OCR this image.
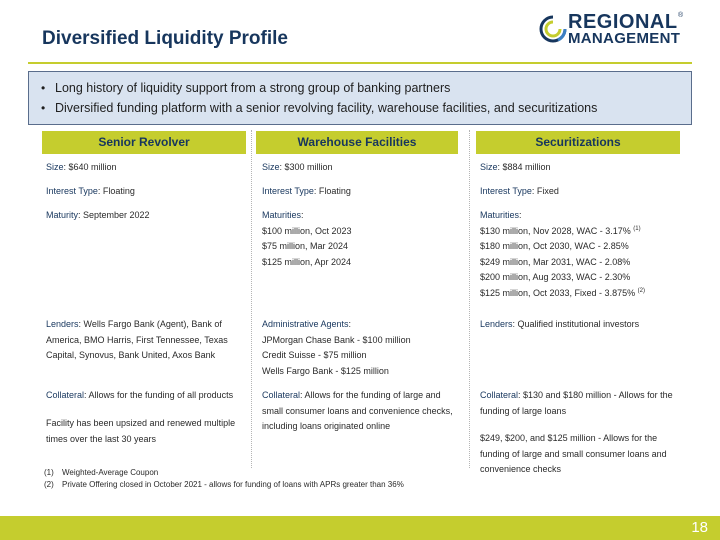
Diversified Liquidity Profile
REGIONAL
MANAGEMENT
®
• Long history of liquidity support from a strong group of banking partners
• Diversified funding platform with a senior revolving facility, warehouse facilities, and securitizations
Senior Revolver	Warehouse Facilities	Securitizations
Size: $640 million
Interest Type: Floating
Maturity: September 2022
Lenders: Wells Fargo Bank (Agent), Bank of America, BMO Harris, First Tennessee, Texas Capital, Synovus, Bank United, Axos Bank
Collateral: Allows for the funding of all products
Facility has been upsized and renewed multiple times over the last 30 years
Size: $300 million
Interest Type: Floating
Maturities:
$100 million, Oct 2023
$75 million, Mar 2024
$125 million, Apr 2024
Administrative Agents:
JPMorgan Chase Bank - $100 million
Credit Suisse - $75 million
Wells Fargo Bank - $125 million
Collateral: Allows for the funding of large and small consumer loans and convenience checks, including loans originated online
Size: $884 million
Interest Type: Fixed
Maturities:
$130 million, Nov 2028, WAC - 3.17% $^{(1)}$
$180 million, Oct 2030, WAC - 2.85%
$249 million, Mar 2031, WAC - 2.08%
$200 million, Aug 2033, WAC - 2.30%
$125 million, Oct 2033, Fixed - 3.875% $^{(2)}$
Lenders: Qualified institutional investors
Collateral: $130 and $180 million - Allows for the funding of large loans
$249, $200, and $125 million - Allows for the funding of large and small consumer loans and convenience checks
(1)	Weighted-Average Coupon
(2)	Private Offering closed in October 2021 - allows for funding of loans with APRs greater than 36%
18
